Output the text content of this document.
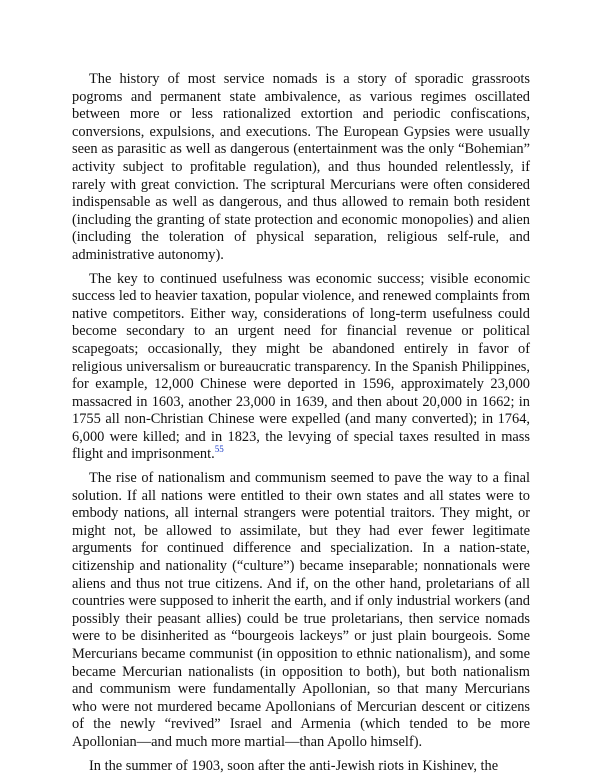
The history of most service nomads is a story of sporadic grassroots pogroms and permanent state ambivalence, as various regimes oscillated between more or less rationalized extortion and periodic confiscations, conversions, expulsions, and executions. The European Gypsies were usually seen as parasitic as well as dangerous (entertainment was the only “Bohemian” activity subject to profitable regulation), and thus hounded relentlessly, if rarely with great conviction. The scriptural Mercurians were often considered indispensable as well as dangerous, and thus allowed to remain both resident (including the granting of state protection and economic monopolies) and alien (including the toleration of physical separation, religious self-rule, and administrative autonomy).

The key to continued usefulness was economic success; visible economic success led to heavier taxation, popular violence, and renewed complaints from native competitors. Either way, considerations of long-term usefulness could become secondary to an urgent need for financial revenue or political scapegoats; occasionally, they might be abandoned entirely in favor of religious universalism or bureaucratic transparency. In the Spanish Philippines, for example, 12,000 Chinese were deported in 1596, approximately 23,000 massacred in 1603, another 23,000 in 1639, and then about 20,000 in 1662; in 1755 all non-Christian Chinese were expelled (and many converted); in 1764, 6,000 were killed; and in 1823, the levying of special taxes resulted in mass flight and imprisonment.$^{55}$

The rise of nationalism and communism seemed to pave the way to a final solution. If all nations were entitled to their own states and all states were to embody nations, all internal strangers were potential traitors. They might, or might not, be allowed to assimilate, but they had ever fewer legitimate arguments for continued difference and specialization. In a nation-state, citizenship and nationality (“culture”) became inseparable; nonnationals were aliens and thus not true citizens. And if, on the other hand, proletarians of all countries were supposed to inherit the earth, and if only industrial workers (and possibly their peasant allies) could be true proletarians, then service nomads were to be disinherited as “bourgeois lackeys” or just plain bourgeois. Some Mercurians became communist (in opposition to ethnic nationalism), and some became Mercurian nationalists (in opposition to both), but both nationalism and communism were fundamentally Apollonian, so that many Mercurians who were not murdered became Apollonians of Mercurian descent or citizens of the newly “revived” Israel and Armenia (which tended to be more Apollonian—and much more martial—than Apollo himself).

In the summer of 1903, soon after the anti-Jewish riots in Kishinev, the
